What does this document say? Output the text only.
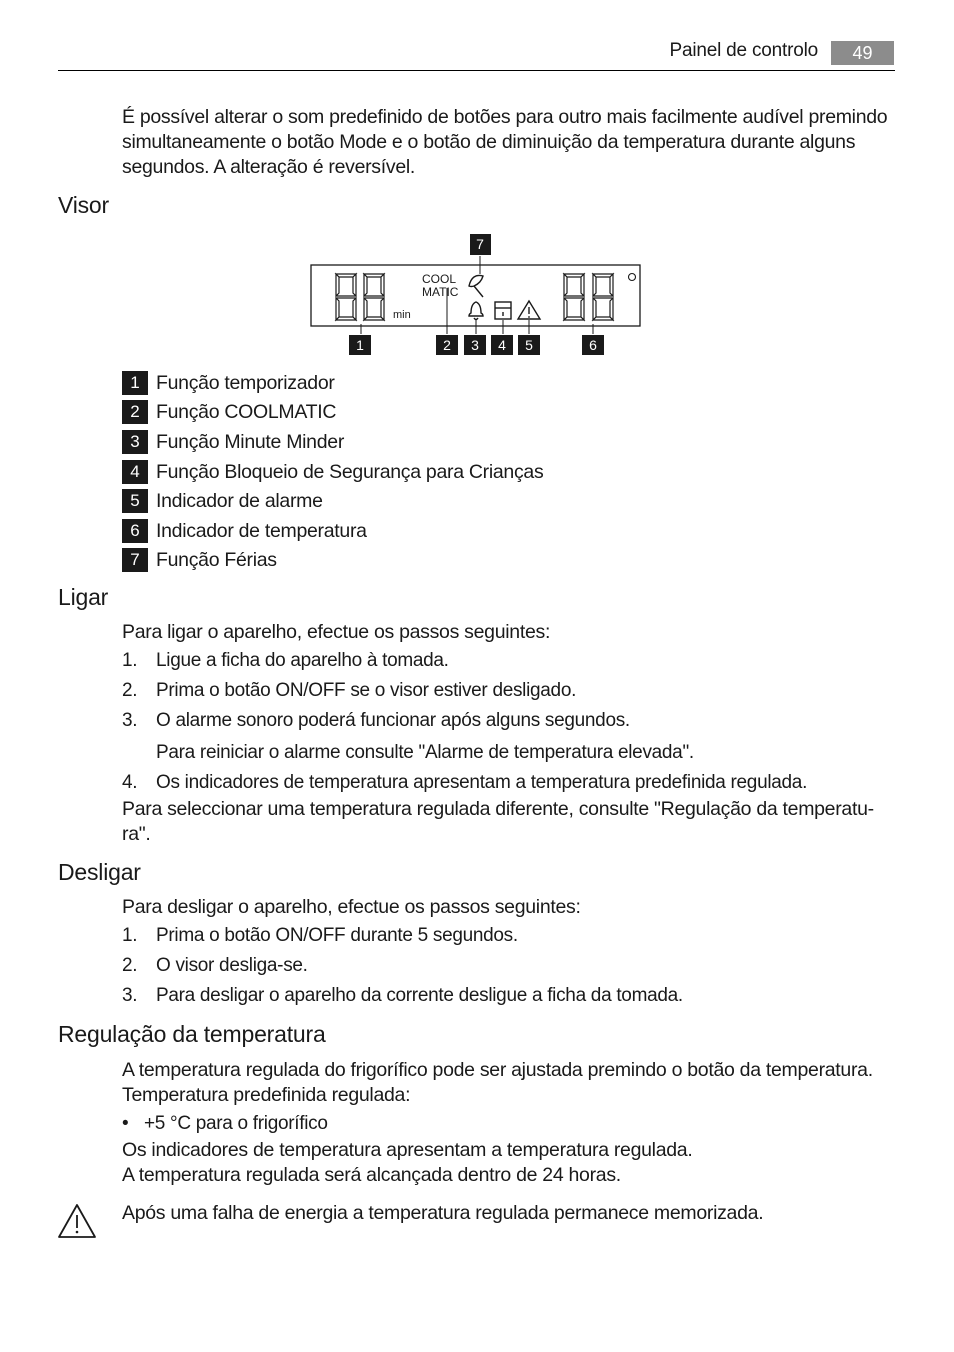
Painel de controlo	49
É possível alterar o som predefinido de botões para outro mais facilmente audível premindo
simultaneamente o botão Mode e o botão de diminuição da temperatura durante alguns
segundos. A alteração é reversível.
Visor
min
COOL
MATIC
1	2 3 4 5	6
7
1 Função temporizador
2 Função COOLMATIC
3 Função Minute Minder
4 Função Bloqueio de Segurança para Crianças
5 Indicador de alarme
6 Indicador de temperatura
7 Função Férias
Ligar
Para ligar o aparelho, efectue os passos seguintes:
1. Ligue a ficha do aparelho à tomada.
2. Prima o botão ON/OFF se o visor estiver desligado.
3. O alarme sonoro poderá funcionar após alguns segundos.
Para reiniciar o alarme consulte "Alarme de temperatura elevada".
4. Os indicadores de temperatura apresentam a temperatura predefinida regulada.
Para seleccionar uma temperatura regulada diferente, consulte "Regulação da temperatu-
ra".
Desligar
Para desligar o aparelho, efectue os passos seguintes:
1. Prima o botão ON/OFF durante 5 segundos.
2. O visor desliga-se.
3. Para desligar o aparelho da corrente desligue a ficha da tomada.
Regulação da temperatura
A temperatura regulada do frigorífico pode ser ajustada premindo o botão da temperatura.
Temperatura predefinida regulada:
• +5 °C para o frigorífico
Os indicadores de temperatura apresentam a temperatura regulada.
A temperatura regulada será alcançada dentro de 24 horas.
Após uma falha de energia a temperatura regulada permanece memorizada.
